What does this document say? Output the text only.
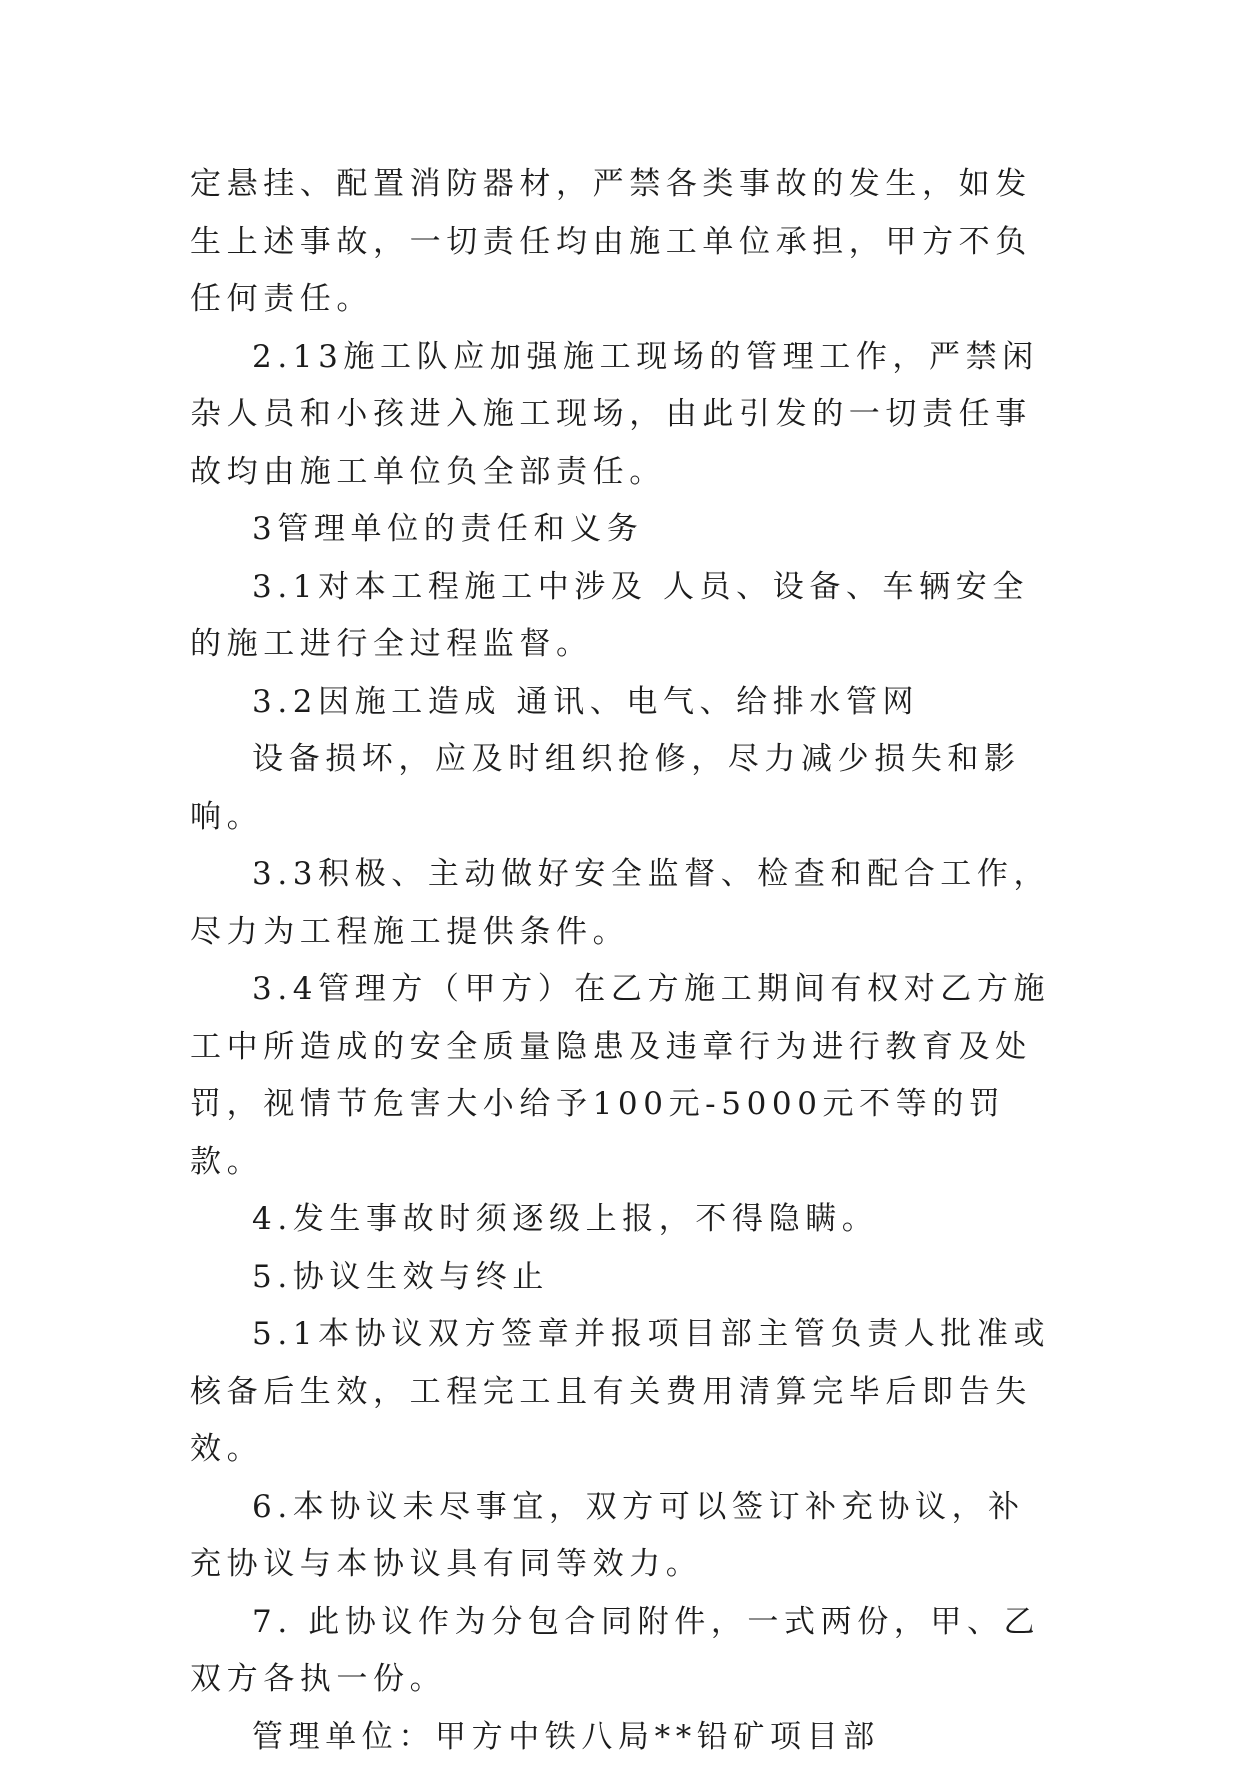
定悬挂、配置消防器材，严禁各类事故的发生，如发生上述事故，一切责任均由施工单位承担，甲方不负任何责任。

2.13施工队应加强施工现场的管理工作，严禁闲杂人员和小孩进入施工现场，由此引发的一切责任事故均由施工单位负全部责任。

3管理单位的责任和义务

3.1对本工程施工中涉及 人员、设备、车辆安全的施工进行全过程监督。

3.2因施工造成 通讯、电气、给排水管网

设备损坏，应及时组织抢修，尽力减少损失和影响。

3.3积极、主动做好安全监督、检查和配合工作，尽力为工程施工提供条件。

3.4管理方（甲方）在乙方施工期间有权对乙方施工中所造成的安全质量隐患及违章行为进行教育及处罚，视情节危害大小给予100元-5000元不等的罚款。

4.发生事故时须逐级上报，不得隐瞒。

5.协议生效与终止

5.1本协议双方签章并报项目部主管负责人批准或核备后生效，工程完工且有关费用清算完毕后即告失效。

6.本协议未尽事宜，双方可以签订补充协议，补充协议与本协议具有同等效力。

7. 此协议作为分包合同附件，一式两份，甲、乙双方各执一份。

管理单位：甲方中铁八局**铅矿项目部
